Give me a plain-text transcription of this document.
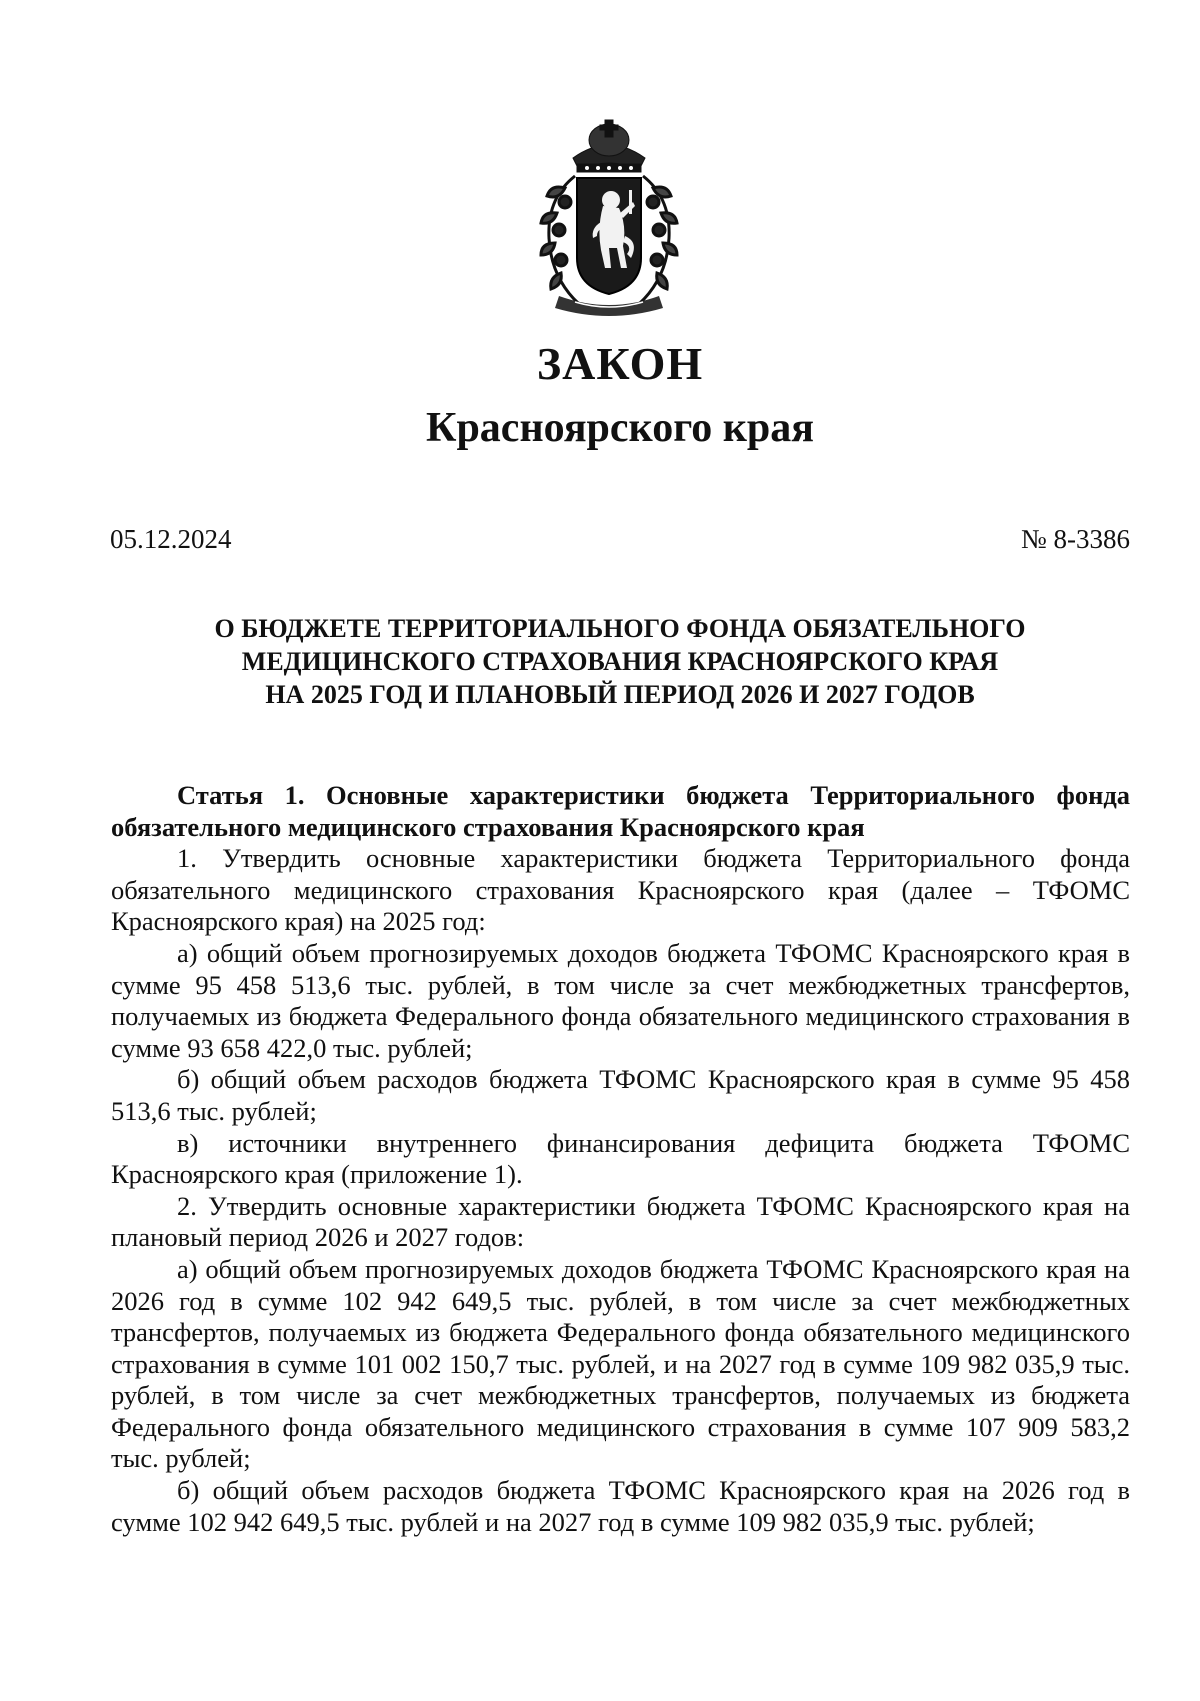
ЗАКОН
Красноярского края
05.12.2024	№ 8-3386
О БЮДЖЕТЕ ТЕРРИТОРИАЛЬНОГО ФОНДА ОБЯЗАТЕЛЬНОГО
МЕДИЦИНСКОГО СТРАХОВАНИЯ КРАСНОЯРСКОГО КРАЯ
НА 2025 ГОД И ПЛАНОВЫЙ ПЕРИОД 2026 И 2027 ГОДОВ

Статья 1. Основные характеристики бюджета Территориального фонда обязательного медицинского страхования Красноярского края

1. Утвердить основные характеристики бюджета Территориального фонда обязательного медицинского страхования Красноярского края (далее – ТФОМС Красноярского края) на 2025 год:

а) общий объем прогнозируемых доходов бюджета ТФОМС Красноярского края в сумме 95 458 513,6 тыс. рублей, в том числе за счет межбюджетных трансфертов, получаемых из бюджета Федерального фонда обязательного медицинского страхования в сумме 93 658 422,0 тыс. рублей;

б) общий объем расходов бюджета ТФОМС Красноярского края в сумме 95 458 513,6 тыс. рублей;

в) источники внутреннего финансирования дефицита бюджета ТФОМС Красноярского края (приложение 1).

2. Утвердить основные характеристики бюджета ТФОМС Красноярского края на плановый период 2026 и 2027 годов:

а) общий объем прогнозируемых доходов бюджета ТФОМС Красноярского края на 2026 год в сумме 102 942 649,5 тыс. рублей, в том числе за счет межбюджетных трансфертов, получаемых из бюджета Федерального фонда обязательного медицинского страхования в сумме 101 002 150,7 тыс. рублей, и на 2027 год в сумме 109 982 035,9 тыс. рублей, в том числе за счет межбюджетных трансфертов, получаемых из бюджета Федерального фонда обязательного медицинского страхования в сумме 107 909 583,2 тыс. рублей;

б) общий объем расходов бюджета ТФОМС Красноярского края на 2026 год в сумме 102 942 649,5 тыс. рублей и на 2027 год в сумме 109 982 035,9 тыс. рублей;
